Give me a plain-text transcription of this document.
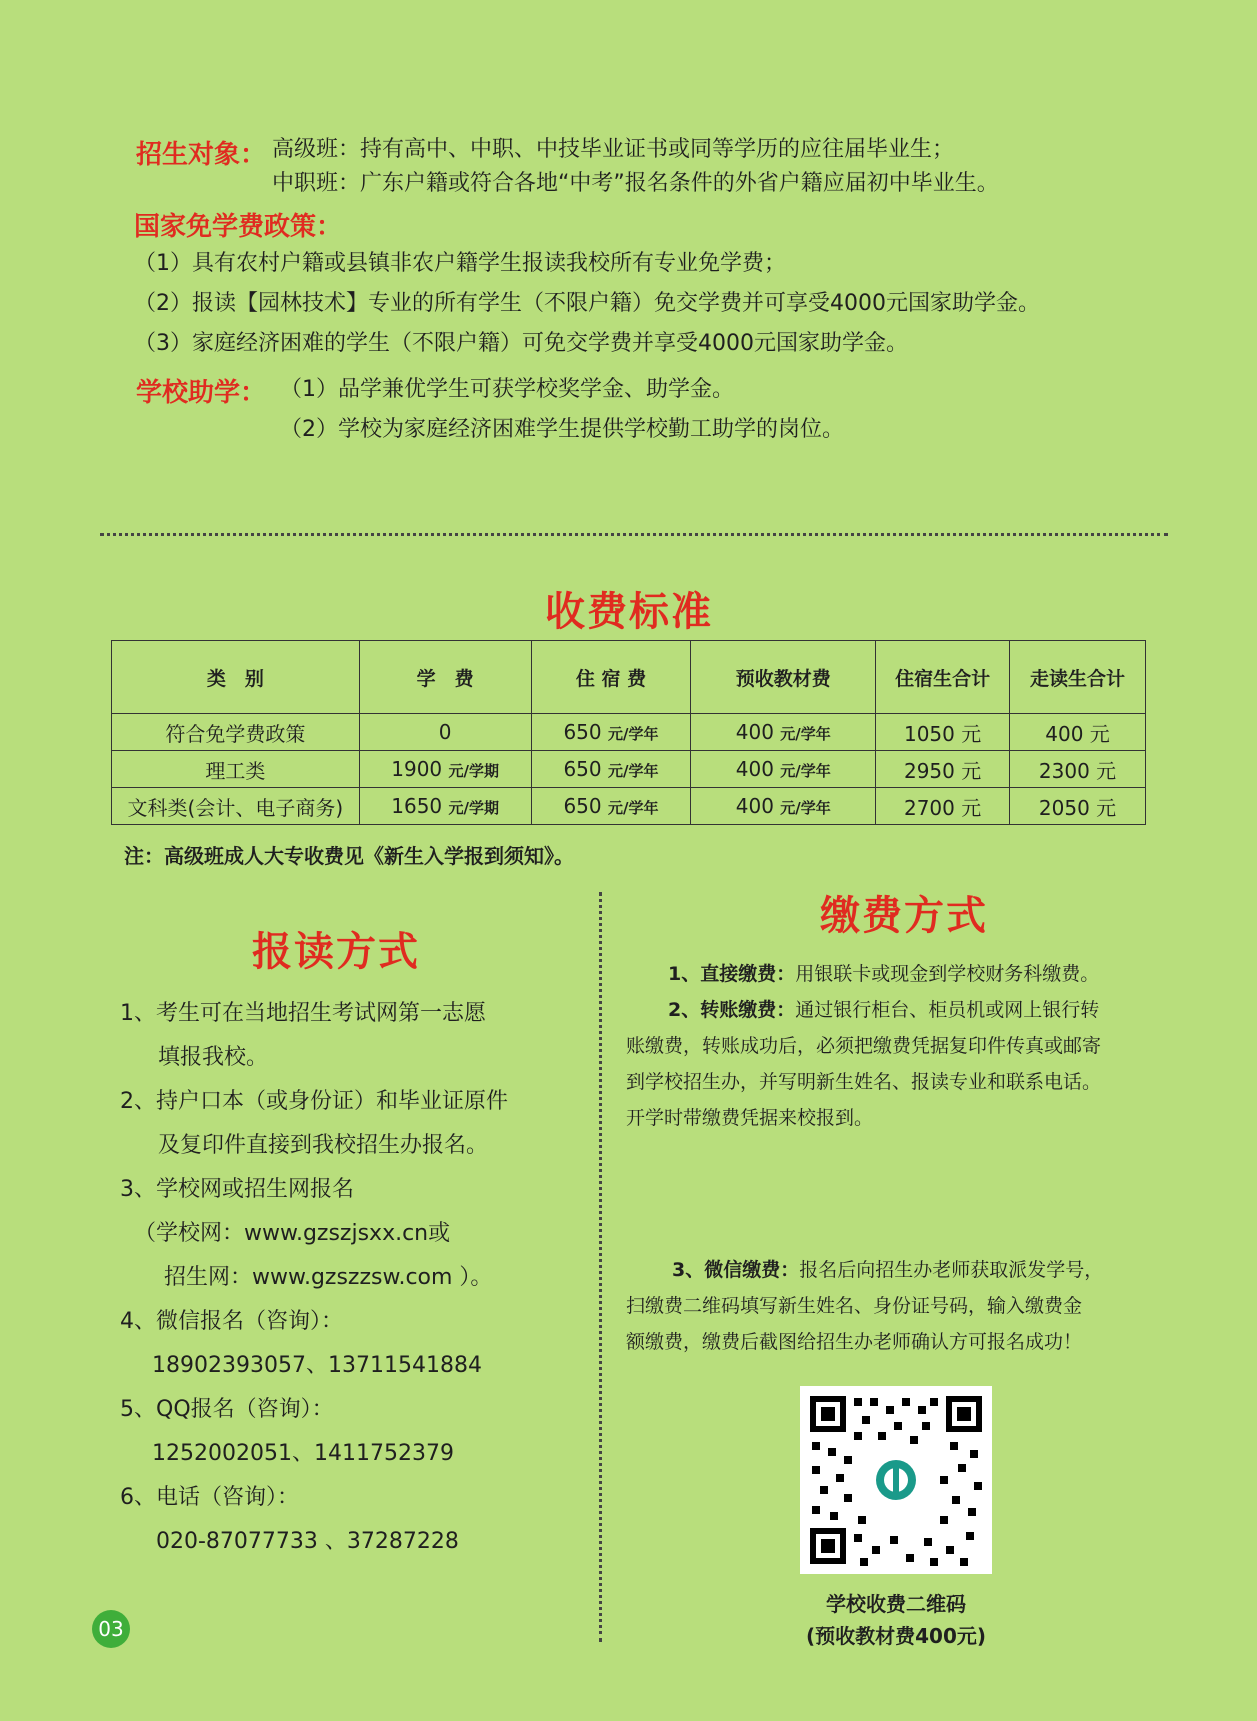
招生对象： 高级班：持有高中、中职、中技毕业证书或同等学历的应往届毕业生；
中职班：广东户籍或符合各地“中考”报名条件的外省户籍应届初中毕业生。
国家免学费政策：
（1）具有农村户籍或县镇非农户籍学生报读我校所有专业免学费；
（2）报读【园林技术】专业的所有学生（不限户籍）免交学费并可享受4000元国家助学金。
（3）家庭经济困难的学生（不限户籍）可免交学费并享受4000元国家助学金。
学校助学： （1）品学兼优学生可获学校奖学金、助学金。
（2）学校为家庭经济困难学生提供学校勤工助学的岗位。
收费标准
类　别	学　费	住 宿 费	预收教材费	住宿生合计	走读生合计
符合免学费政策	0	650 元/学年	400 元/学年	1050 元	400 元
理工类	1900 元/学期	650 元/学年	400 元/学年	2950 元	2300 元
文科类(会计、电子商务)	1650 元/学期	650 元/学年	400 元/学年	2700 元	2050 元
注：高级班成人大专收费见《新生入学报到须知》。
报读方式
1、考生可在当地招生考试网第一志愿
填报我校。
2、持户口本（或身份证）和毕业证原件
及复印件直接到我校招生办报名。
3、学校网或招生网报名
（学校网：www.gzszjsxx.cn或
招生网：www.gzszzsw.com ）。
4、微信报名（咨询）：
18902393057、13711541884
5、QQ报名（咨询）：
1252002051、1411752379
6、电话（咨询）：
020-87077733 、37287228
缴费方式
1、直接缴费：用银联卡或现金到学校财务科缴费。
2、转账缴费：通过银行柜台、柜员机或网上银行转
账缴费，转账成功后，必须把缴费凭据复印件传真或邮寄
到学校招生办，并写明新生姓名、报读专业和联系电话。
开学时带缴费凭据来校报到。
3、微信缴费：报名后向招生办老师获取派发学号，
扫缴费二维码填写新生姓名、身份证号码，输入缴费金
额缴费，缴费后截图给招生办老师确认方可报名成功！
学校收费二维码
(预收教材费400元)
03
